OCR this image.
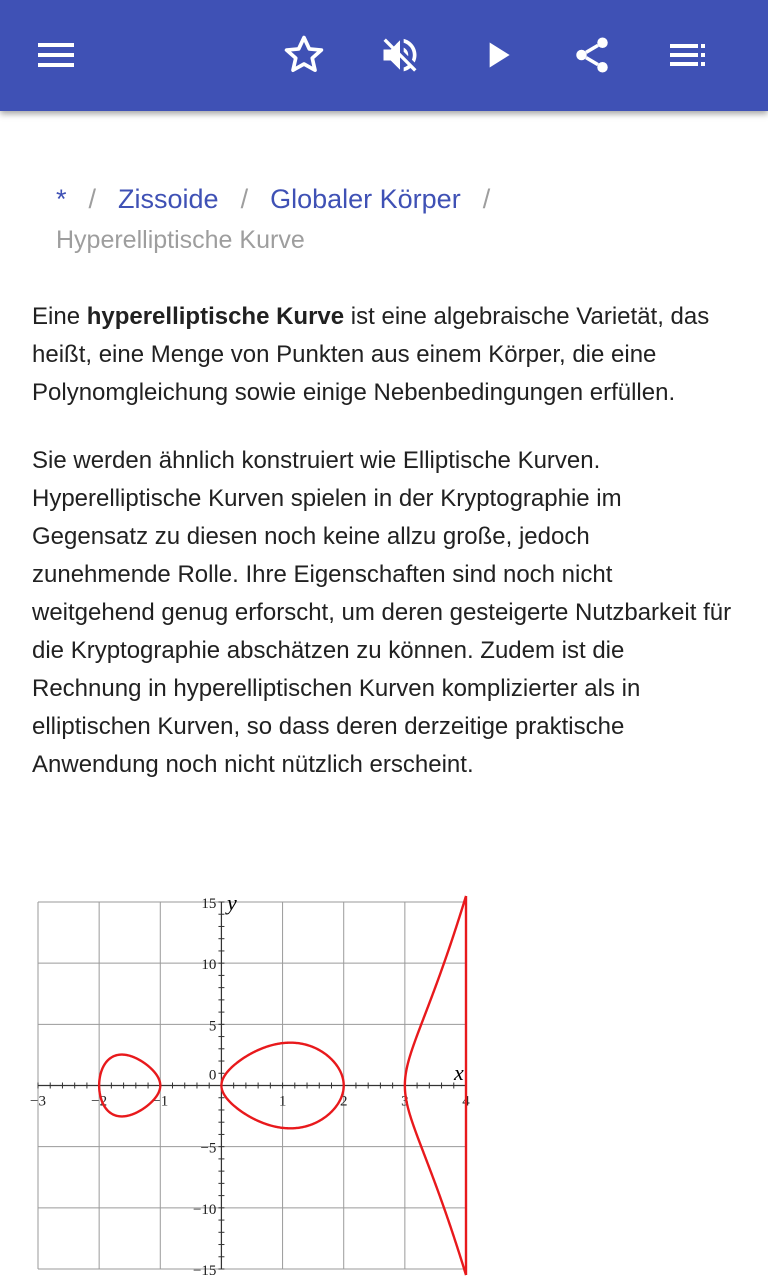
* / Zissoide / Globaler Körper /
Hyperelliptische Kurve

Eine hyperelliptische Kurve ist eine algebraische Varietät, das heißt, eine Menge von Punkten aus einem Körper, die eine Polynomgleichung sowie einige Nebenbedingungen erfüllen.

Sie werden ähnlich konstruiert wie Elliptische Kurven. Hyperelliptische Kurven spielen in der Kryptographie im Gegensatz zu diesen noch keine allzu große, jedoch zunehmende Rolle. Ihre Eigenschaften sind noch nicht weitgehend genug erforscht, um deren gesteigerte Nutzbarkeit für die Kryptographie abschätzen zu können. Zudem ist die Rechnung in hyperelliptischen Kurven komplizierter als in elliptischen Kurven, so dass deren derzeitige praktische Anwendung noch nicht nützlich erscheint.

−3	−2	−1	1	2	3	4
15
10
5
0
−5
−10
−15
x
y
